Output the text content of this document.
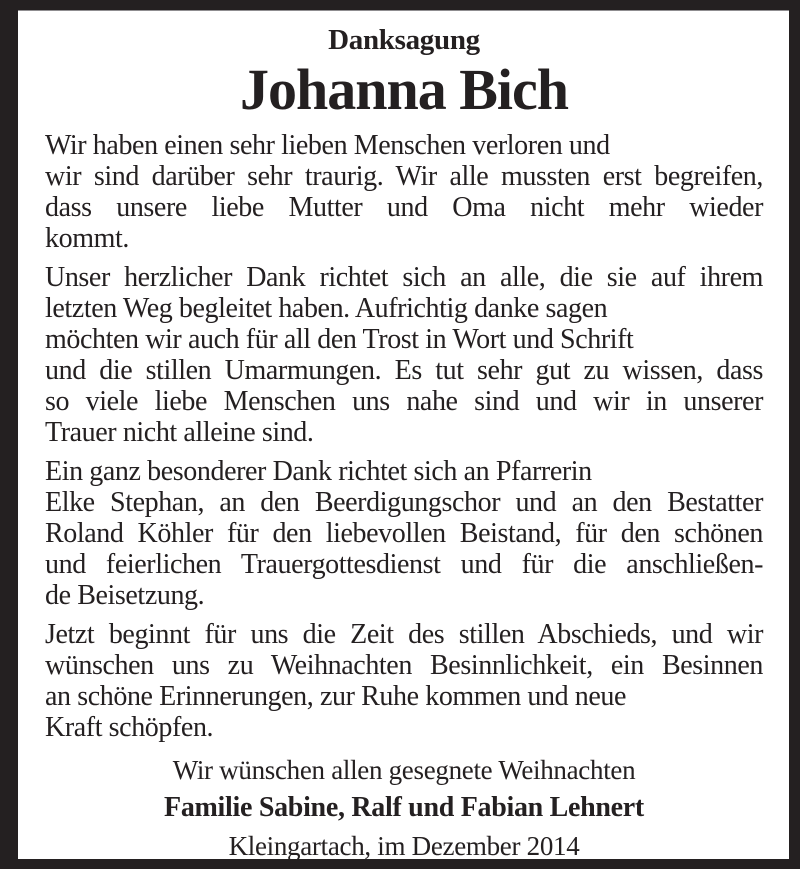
Danksagung
Johanna Bich
Wir haben einen sehr lieben Menschen verloren und
wir sind darüber sehr traurig. Wir alle mussten erst begreifen,
dass unsere liebe Mutter und Oma nicht mehr wieder
kommt.
Unser herzlicher Dank richtet sich an alle, die sie auf ihrem
letzten Weg begleitet haben. Aufrichtig danke sagen
möchten wir auch für all den Trost in Wort und Schrift
und die stillen Umarmungen. Es tut sehr gut zu wissen, dass
so viele liebe Menschen uns nahe sind und wir in unserer
Trauer nicht alleine sind.
Ein ganz besonderer Dank richtet sich an Pfarrerin
Elke Stephan, an den Beerdigungschor und an den Bestatter
Roland Köhler für den liebevollen Beistand, für den schönen
und feierlichen Trauergottesdienst und für die anschließen-
de Beisetzung.
Jetzt beginnt für uns die Zeit des stillen Abschieds, und wir
wünschen uns zu Weihnachten Besinnlichkeit, ein Besinnen
an schöne Erinnerungen, zur Ruhe kommen und neue
Kraft schöpfen.
Wir wünschen allen gesegnete Weihnachten
Familie Sabine, Ralf und Fabian Lehnert
Kleingartach, im Dezember 2014
